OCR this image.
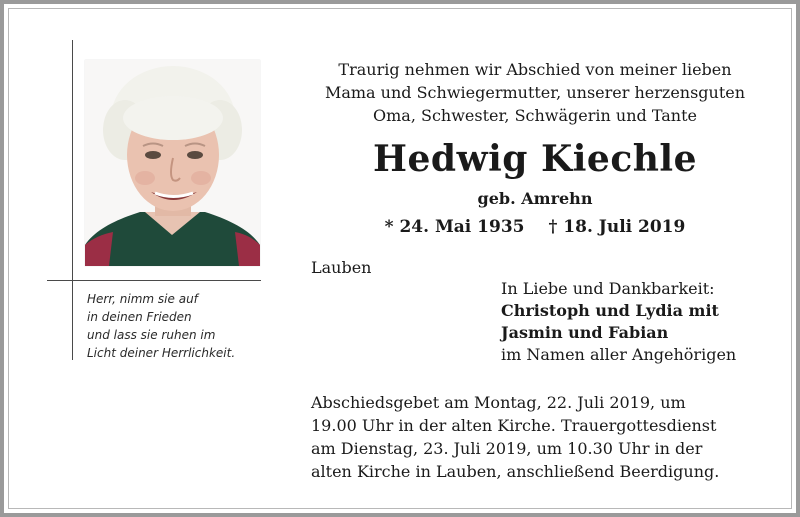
Herr, nimm sie auf
in deinen Frieden
und lass sie ruhen im
Licht deiner Herrlichkeit.
Traurig nehmen wir Abschied von meiner lieben
Mama und Schwiegermutter, unserer herzensguten
Oma, Schwester, Schwägerin und Tante
Hedwig Kiechle
geb. Amrehn
* 24. Mai 1935 † 18. Juli 2019
Lauben
In Liebe und Dankbarkeit:
Christoph und Lydia mit
Jasmin und Fabian
im Namen aller Angehörigen
Abschiedsgebet am Montag, 22. Juli 2019, um
19.00 Uhr in der alten Kirche. Trauergottesdienst
am Dienstag, 23. Juli 2019, um 10.30 Uhr in der
alten Kirche in Lauben, anschließend Beerdigung.
